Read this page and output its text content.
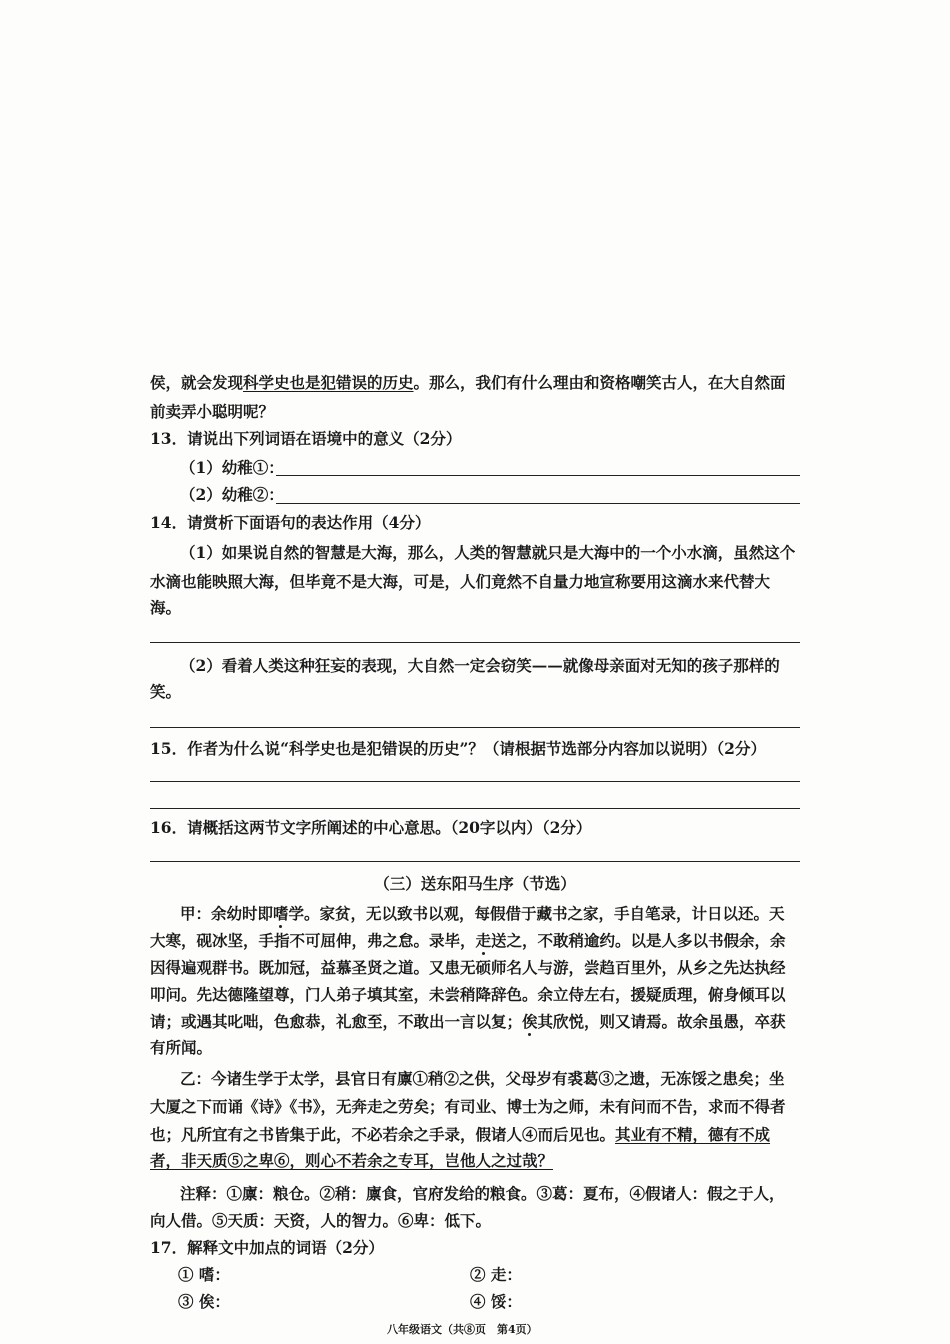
侯，就会发现科学史也是犯错误的历史。那么，我们有什么理由和资格嘲笑古人，在大自然面
前卖弄小聪明呢？
13．请说出下列词语在语境中的意义（2分）
（1）幼稚①：
（2）幼稚②：
14．请赏析下面语句的表达作用（4分）
（1）如果说自然的智慧是大海，那么，人类的智慧就只是大海中的一个小水滴，虽然这个
水滴也能映照大海，但毕竟不是大海，可是，人们竟然不自量力地宣称要用这滴水来代替大
海。
（2）看着人类这种狂妄的表现，大自然一定会窃笑——就像母亲面对无知的孩子那样的
笑。
15．作者为什么说“科学史也是犯错误的历史”？（请根据节选部分内容加以说明）（2分）
16．请概括这两节文字所阐述的中心意思。（20字以内）（2分）
（三）送东阳马生序（节选）
甲：余幼时即嗜学。家贫，无以致书以观，每假借于藏书之家，手自笔录，计日以还。天
大寒，砚冰坚，手指不可屈伸，弗之怠。录毕，走送之，不敢稍逾约。以是人多以书假余，余
因得遍观群书。既加冠，益慕圣贤之道。又患无硕师名人与游，尝趋百里外，从乡之先达执经
叩问。先达德隆望尊，门人弟子填其室，未尝稍降辞色。余立侍左右，援疑质理，俯身倾耳以
请；或遇其叱咄，色愈恭，礼愈至，不敢出一言以复；俟其欣悦，则又请焉。故余虽愚，卒获
有所闻。
乙：今诸生学于太学，县官日有廪①稍②之供，父母岁有裘葛③之遗，无冻馁之患矣；坐
大厦之下而诵《诗》《书》，无奔走之劳矣；有司业、博士为之师，未有问而不告，求而不得者
也；凡所宜有之书皆集于此，不必若余之手录，假诸人④而后见也。其业有不精，德有不成
者，非天质⑤之卑⑥，则心不若余之专耳，岂他人之过哉？
注释：①廪：粮仓。②稍：廪食，官府发给的粮食。③葛：夏布，④假诸人：假之于人，
向人借。⑤天质：天资，人的智力。⑥卑：低下。
17．解释文中加点的词语（2分）
① 嗜：	② 走：
③ 俟：	④ 馁：
八年级语文（共⑧页　第4页）
